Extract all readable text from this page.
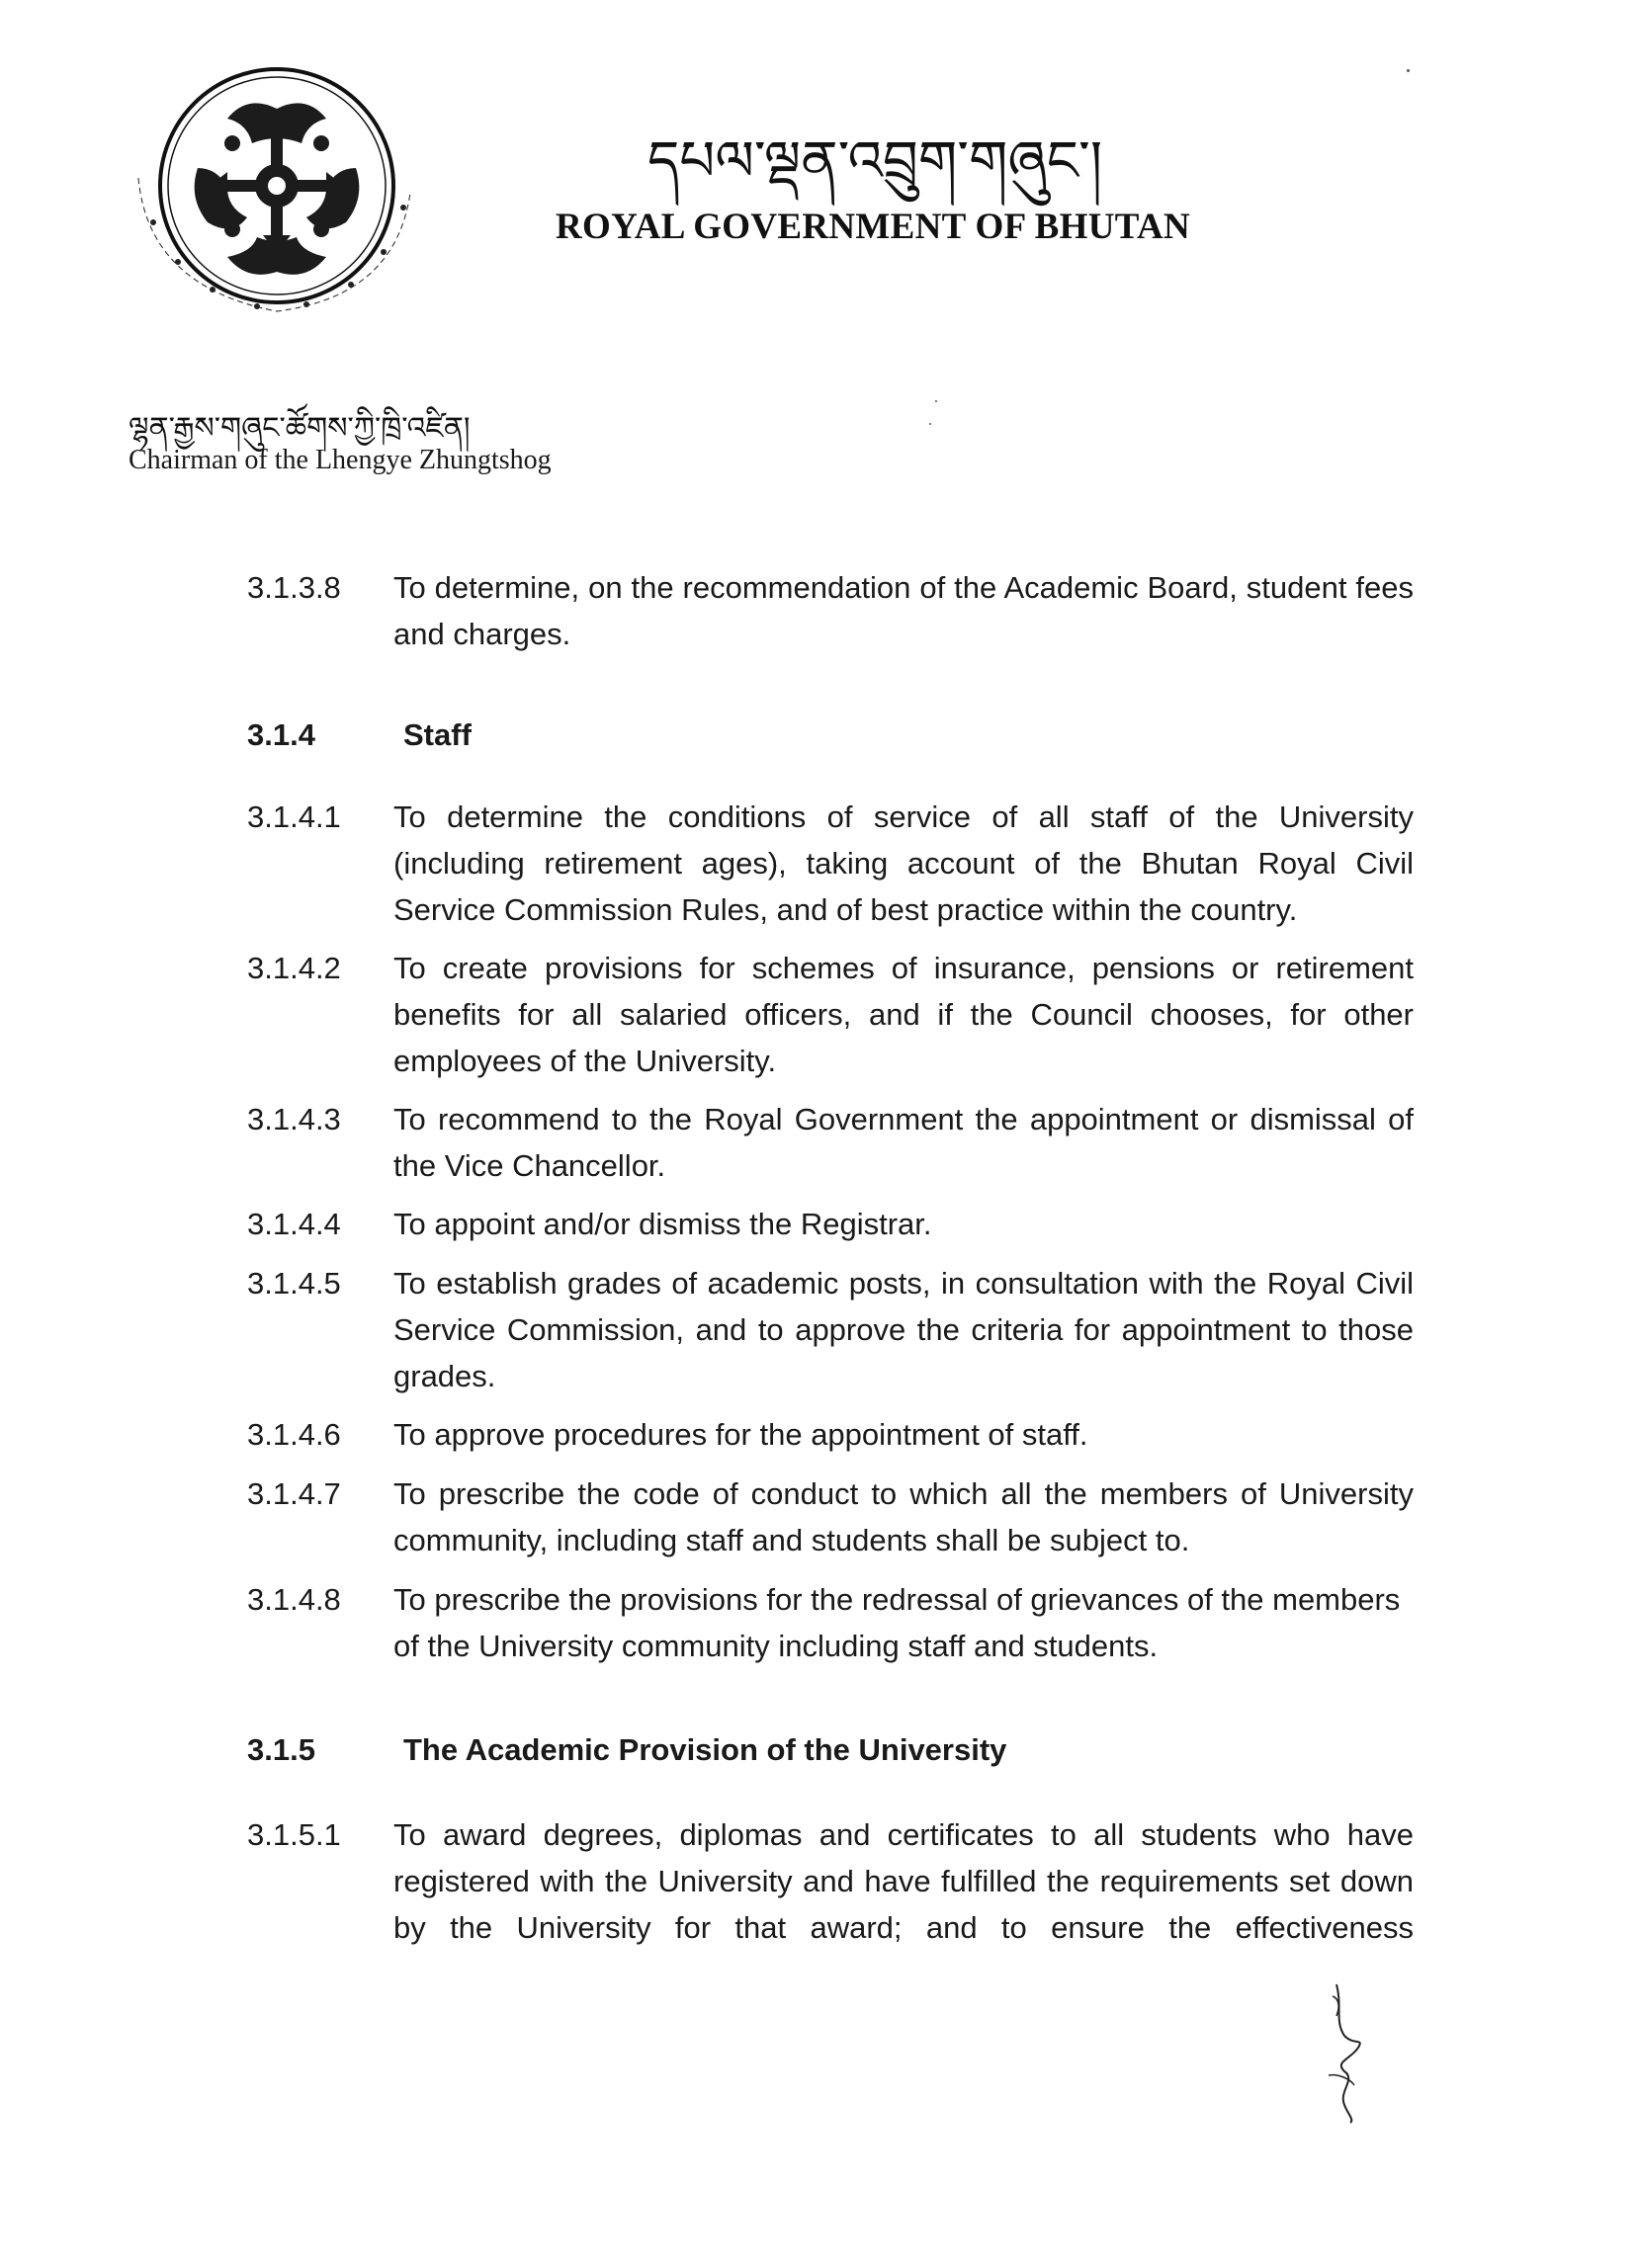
དཔལ་ལྡན་འབྲུག་གཞུང་།
ROYAL GOVERNMENT OF BHUTAN
ལྷན་རྒྱས་གཞུང་ཚོགས་ཀྱི་ཁྲི་འཛིན།
Chairman of the Lhengye Zhungtshog
3.1.3.8 To determine, on the recommendation of the Academic Board, student fees and charges.
3.1.4	Staff
3.1.4.1 To determine the conditions of service of all staff of the University (including retirement ages), taking account of the Bhutan Royal Civil Service Commission Rules, and of best practice within the country.
3.1.4.2 To create provisions for schemes of insurance, pensions or retirement benefits for all salaried officers, and if the Council chooses, for other employees of the University.
3.1.4.3 To recommend to the Royal Government the appointment or dismissal of the Vice Chancellor.
3.1.4.4 To appoint and/or dismiss the Registrar.
3.1.4.5 To establish grades of academic posts, in consultation with the Royal Civil Service Commission, and to approve the criteria for appointment to those grades.
3.1.4.6 To approve procedures for the appointment of staff.
3.1.4.7 To prescribe the code of conduct to which all the members of University community, including staff and students shall be subject to.
3.1.4.8 To prescribe the provisions for the redressal of grievances of the members of the University community including staff and students.
3.1.5	The Academic Provision of the University
3.1.5.1 To award degrees, diplomas and certificates to all students who have registered with the University and have fulfilled the requirements set down by the University for that award; and to ensure the effectiveness
